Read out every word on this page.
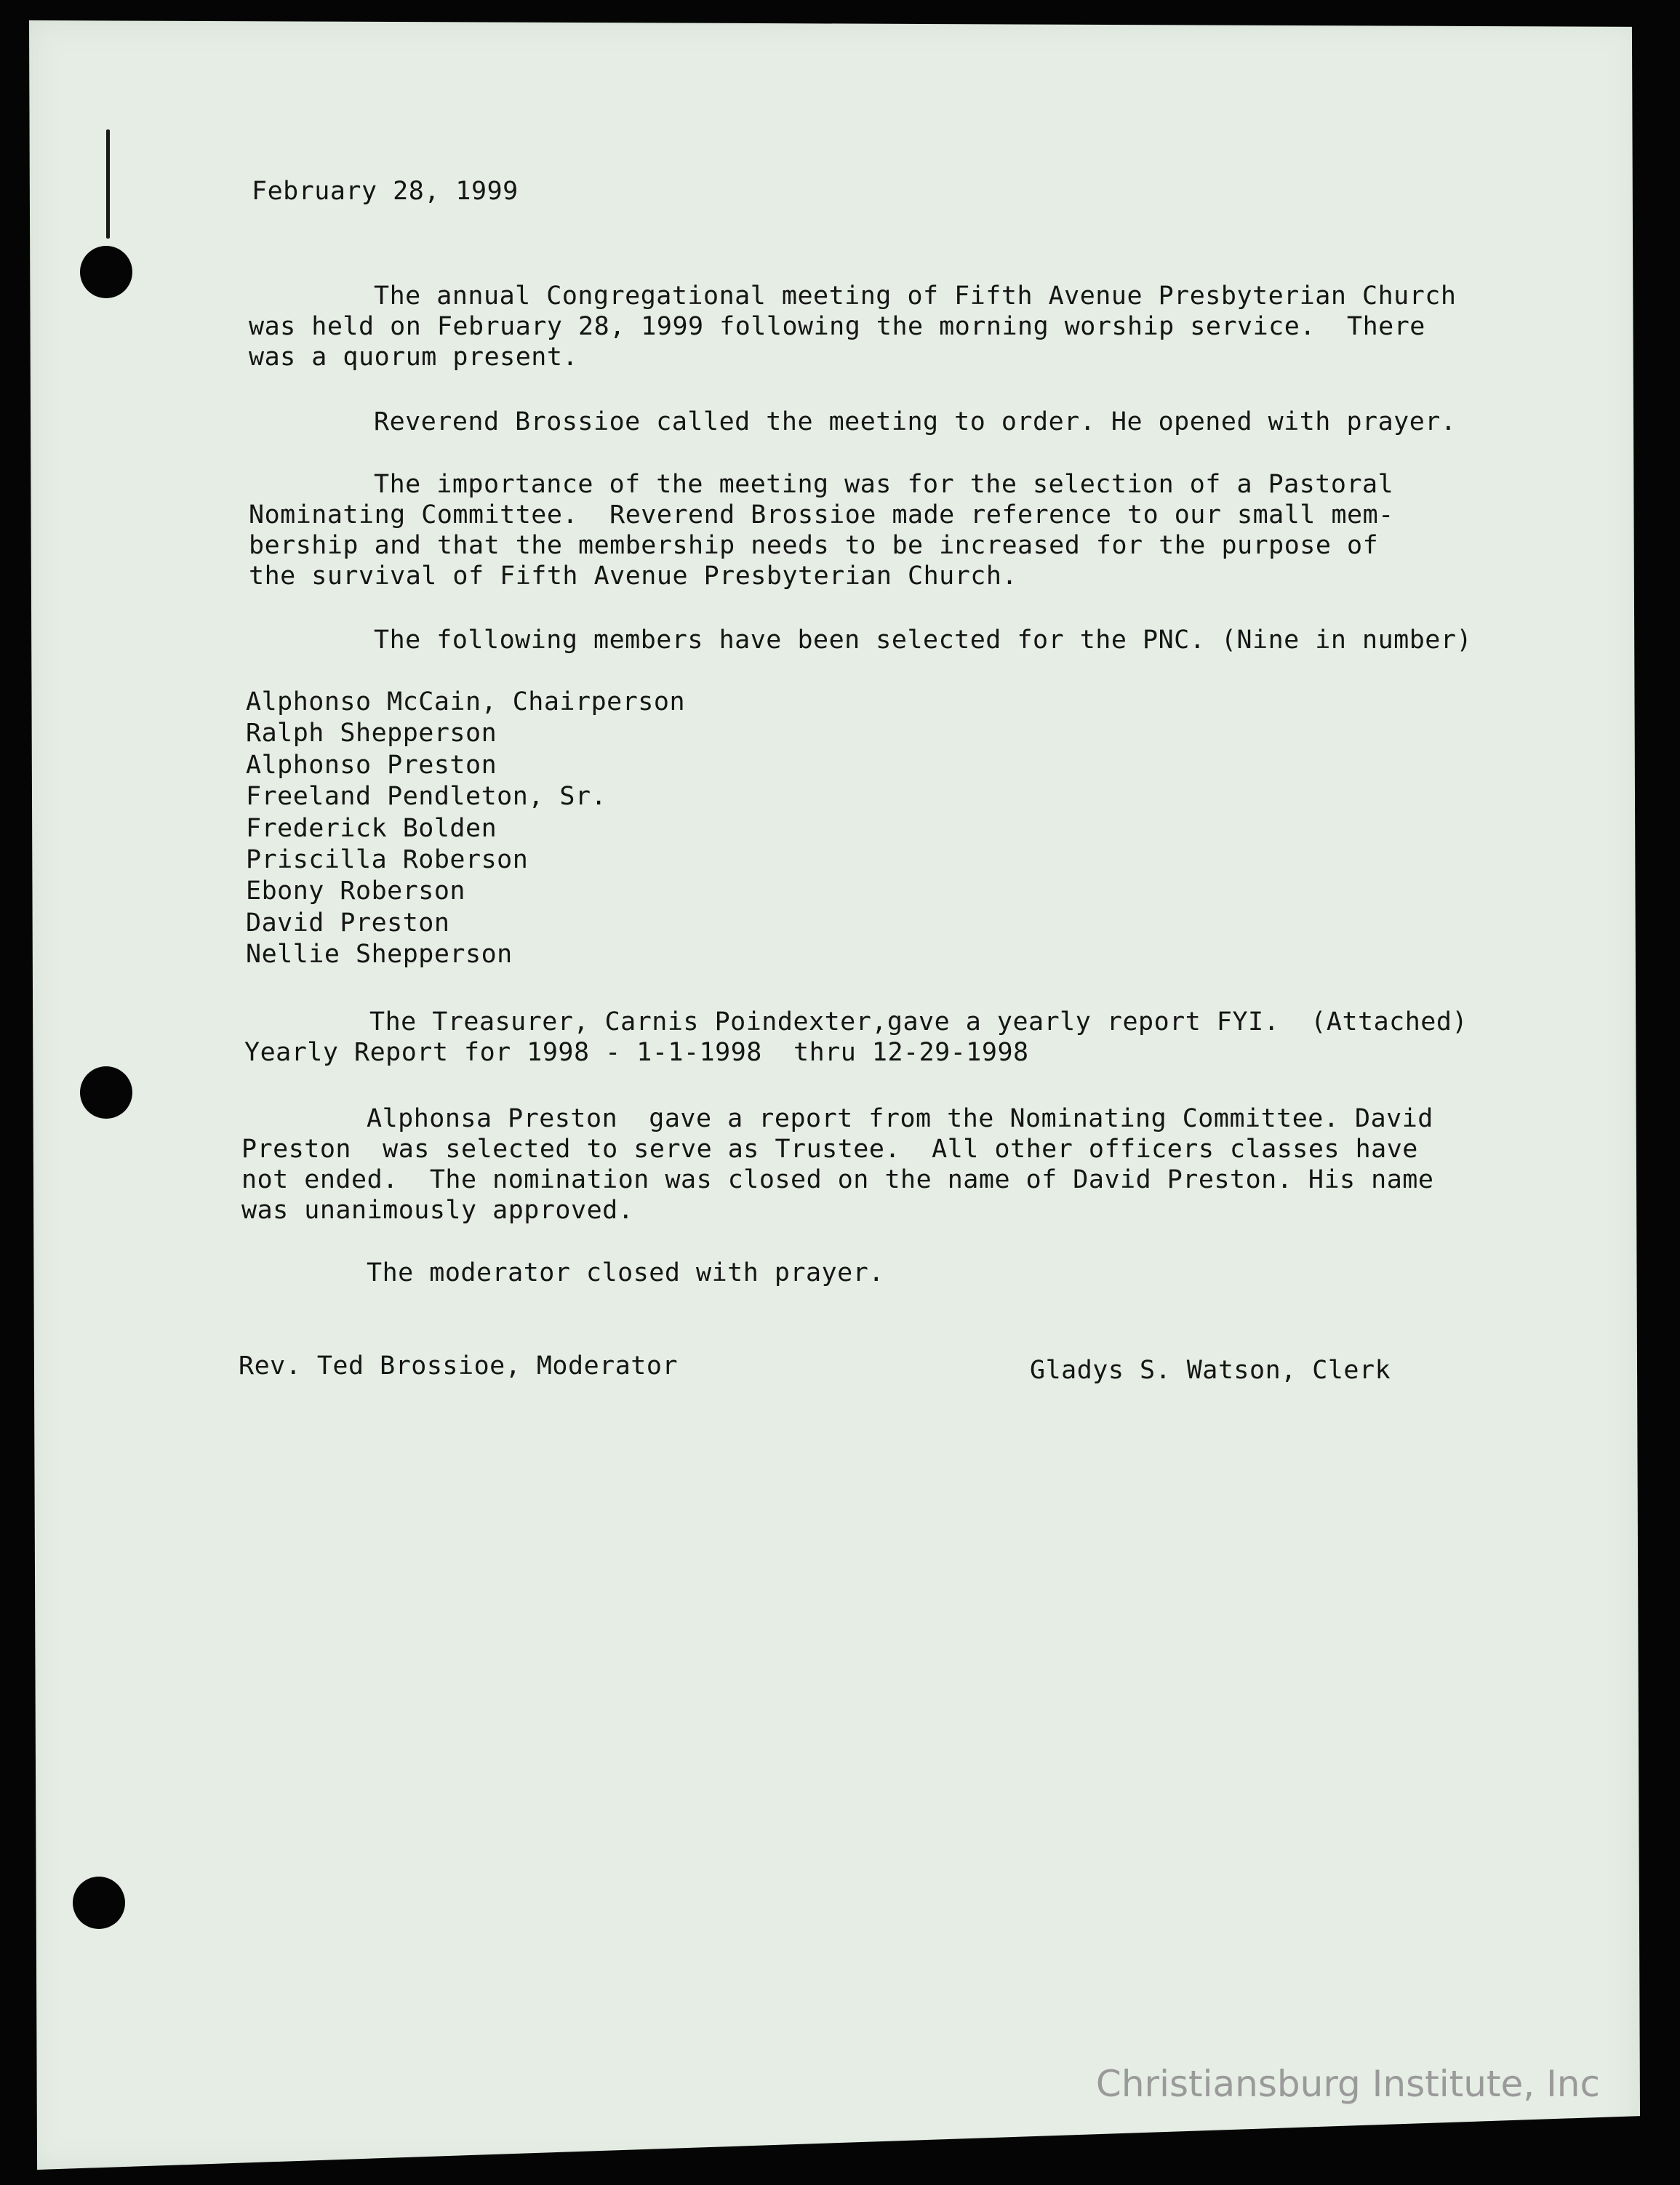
February 28, 1999
The annual Congregational meeting of Fifth Avenue Presbyterian Church
was held on February 28, 1999 following the morning worship service.  There
was a quorum present.
Reverend Brossioe called the meeting to order. He opened with prayer.
The importance of the meeting was for the selection of a Pastoral
Nominating Committee.  Reverend Brossioe made reference to our small mem-
bership and that the membership needs to be increased for the purpose of
the survival of Fifth Avenue Presbyterian Church.
The following members have been selected for the PNC. (Nine in number)
Alphonso McCain, Chairperson
Ralph Shepperson
Alphonso Preston
Freeland Pendleton, Sr.
Frederick Bolden
Priscilla Roberson
Ebony Roberson
David Preston
Nellie Shepperson
The Treasurer, Carnis Poindexter,gave a yearly report FYI.  (Attached)
Yearly Report for 1998 - 1-1-1998  thru 12-29-1998
Alphonsa Preston  gave a report from the Nominating Committee. David
Preston  was selected to serve as Trustee.  All other officers classes have
not ended.  The nomination was closed on the name of David Preston. His name
was unanimously approved.
The moderator closed with prayer.
Rev. Ted Brossioe, Moderator	Gladys S. Watson, Clerk
Christiansburg Institute, Inc
